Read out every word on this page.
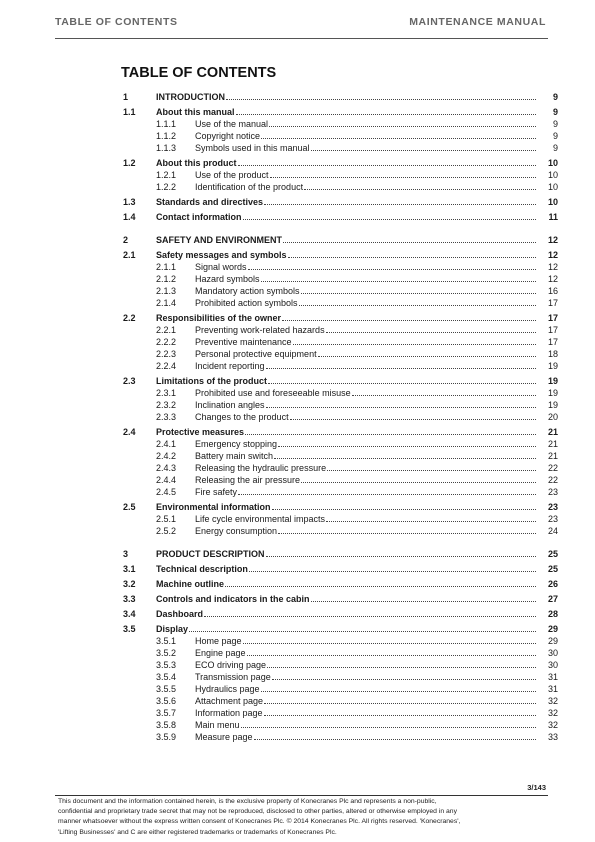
TABLE OF CONTENTS	MAINTENANCE MANUAL
TABLE OF CONTENTS
1	INTRODUCTION	9
1.1 About this manual	9
1.1.1 Use of the manual	9
1.1.2 Copyright notice	9
1.1.3 Symbols used in this manual	9
1.2 About this product	10
1.2.1 Use of the product	10
1.2.2 Identification of the product	10
1.3 Standards and directives	10
1.4 Contact information	11
2	SAFETY AND ENVIRONMENT	12
2.1 Safety messages and symbols	12
2.1.1 Signal words	12
2.1.2 Hazard symbols	12
2.1.3 Mandatory action symbols	16
2.1.4 Prohibited action symbols	17
2.2 Responsibilities of the owner	17
2.2.1 Preventing work-related hazards	17
2.2.2 Preventive maintenance	17
2.2.3 Personal protective equipment	18
2.2.4 Incident reporting	19
2.3 Limitations of the product	19
2.3.1 Prohibited use and foreseeable misuse	19
2.3.2 Inclination angles	19
2.3.3 Changes to the product	20
2.4 Protective measures	21
2.4.1 Emergency stopping	21
2.4.2 Battery main switch	21
2.4.3 Releasing the hydraulic pressure	22
2.4.4 Releasing the air pressure	22
2.4.5 Fire safety	23
2.5 Environmental information	23
2.5.1 Life cycle environmental impacts	23
2.5.2 Energy consumption	24
3	PRODUCT DESCRIPTION	25
3.1 Technical description	25
3.2 Machine outline	26
3.3 Controls and indicators in the cabin	27
3.4 Dashboard	28
3.5 Display	29
3.5.1 Home page	29
3.5.2 Engine page	30
3.5.3 ECO driving page	30
3.5.4 Transmission page	31
3.5.5 Hydraulics page	31
3.5.6 Attachment page	32
3.5.7 Information page	32
3.5.8 Main menu	32
3.5.9 Measure page	33
3/143
This document and the information contained herein, is the exclusive property of Konecranes Plc and represents a non-public,
confidential and proprietary trade secret that may not be reproduced, disclosed to other parties, altered or otherwise employed in any
manner whatsoever without the express written consent of Konecranes Plc. © 2014 Konecranes Plc. All rights reserved. 'Konecranes',
'Lifting Businesses' and C are either registered trademarks or trademarks of Konecranes Plc.
